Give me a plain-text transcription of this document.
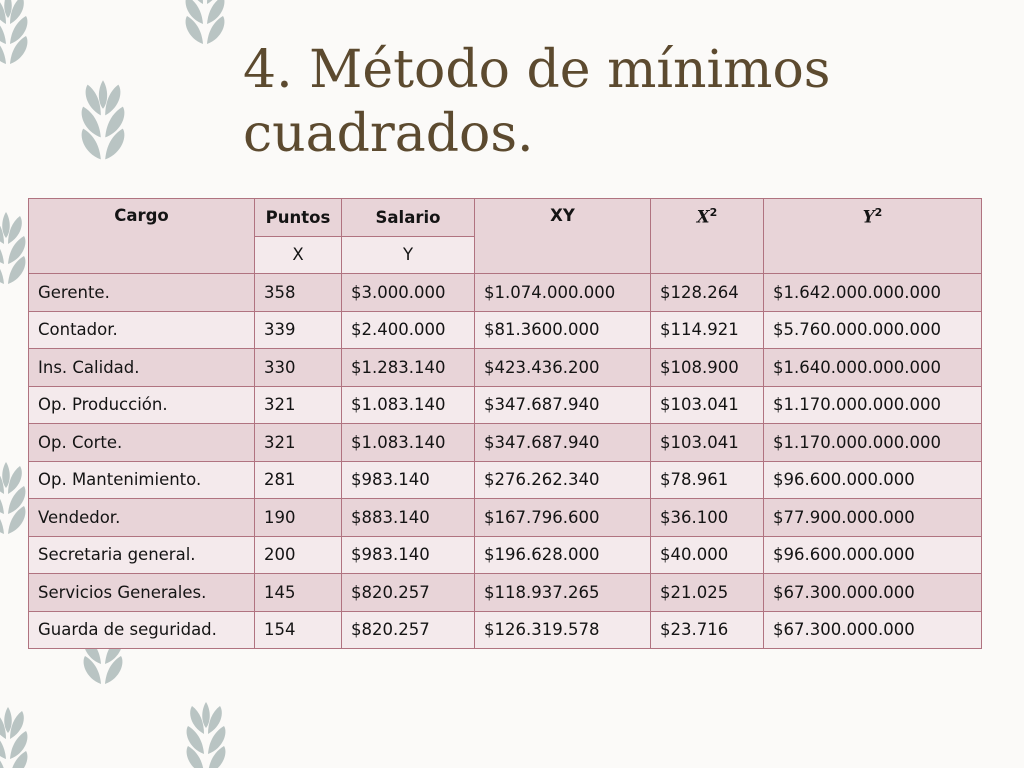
4. Método de mínimos
cuadrados.
Cargo	Puntos	Salario	XY	$X^2$	$Y^2$
	X	Y			
Gerente.	358	$3.000.000	$1.074.000.000	$128.264	$1.642.000.000.000
Contador.	339	$2.400.000	$81.3600.000	$114.921	$5.760.000.000.000
Ins. Calidad.	330	$1.283.140	$423.436.200	$108.900	$1.640.000.000.000
Op. Producción.	321	$1.083.140	$347.687.940	$103.041	$1.170.000.000.000
Op. Corte.	321	$1.083.140	$347.687.940	$103.041	$1.170.000.000.000
Op. Mantenimiento.	281	$983.140	$276.262.340	$78.961	$96.600.000.000
Vendedor.	190	$883.140	$167.796.600	$36.100	$77.900.000.000
Secretaria general.	200	$983.140	$196.628.000	$40.000	$96.600.000.000
Servicios Generales.	145	$820.257	$118.937.265	$21.025	$67.300.000.000
Guarda de seguridad.	154	$820.257	$126.319.578	$23.716	$67.300.000.000
